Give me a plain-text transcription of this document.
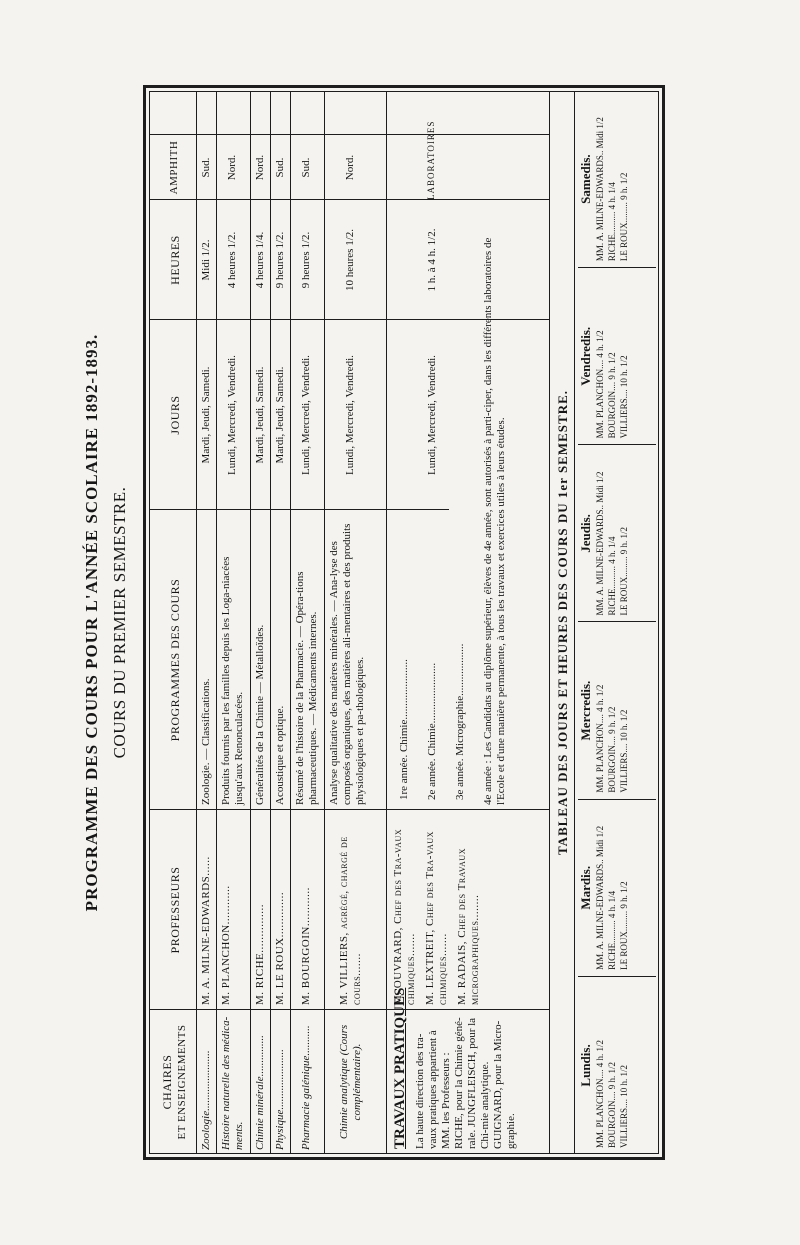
PROGRAMME DES COURS POUR L'ANNÉE SCOLAIRE 1892-1893. COURS DU PREMIER SEMESTRE.
CHAIRES ET ENSEIGNEMENTS
PROFESSEURS
PROGRAMMES DES COURS
JOURS
HEURES
AMPHITH
Zoologie......................
M. A. MILNE-EDWARDS......
Zoologie. — Classifications.
Mardi, Jeudi, Samedi.
Midi 1/2.
Sud.
Histoire naturelle des médica-ments.
M. PLANCHON............
Produits fournis par les familles depuis les Loga-niacées jusqu'aux Renonculacées.
Lundi, Mercredi, Vendredi.
4 heures 1/2.
Nord.
Chimie minérale...............
M. RICHE...............
Généralités de la Chimie — Métalloïdes.
Mardi, Jeudi, Samedi.
4 heures 1/4.
Nord.
Physique......................
M. LE ROUX..............
Acoustique et optique.
Mardi, Jeudi, Samedi.
9 heures 1/2.
Sud.
Pharmacie galénique...........
M. BOURGOIN............
Résumé de l'histoire de la Pharmacie. — Opéra-tions pharmaceutiques. — Médicaments internes.
Lundi, Mercredi, Vendredi.
9 heures 1/2.
Sud.
Chimie analytique (Cours complémentaire).
M. VILLIERS, agrégé, chargé de cours.......
Analyse qualitative des matières minérales. — Ana-lyse des composés organiques, des matières ali-mentaires et des produits physiologiques et pa-thologiques.
Lundi, Mercredi, Vendredi.
10 heures 1/2.
Nord.
TRAVAUX PRATIQUES La haute direction des tra-vaux pratiques appartient à MM. les Professeurs : RICHE, pour la Chimie géné-rale. JUNGFLEISCH, pour la Chi-mie analytique. GUIGNARD, pour la Micro-graphie.
M. OUVRARD, Chef des Tra-vaux chimiques....... M. LEXTREIT, Chef des Tra-vaux chimiques....... M. RADAIS, Chef des Travaux micrographiques........
1re année. Chimie...................... 2e année. Chimie...................... 3e année. Micrographie................... 4e année : Les Candidats au diplôme supérieur, élèves de 4e année, sont autorisés à parti-ciper, dans les différents laboratoires de l'Ecole et d'une manière permanente, à tous les travaux et exercices utiles à leurs études.
Lundi, Mercredi, Vendredi.
1 h. à 4 h. 1/2.
LABORATOIRES
TABLEAU DES JOURS ET HEURES DES COURS DU 1er SEMESTRE.
Lundis. MM. PLANCHON.... 4 h. 1/2 BOURGOIN.... 9 h. 1/2 VILLIERS.... 10 h. 1/2
Mardis. MM. A. MILNE-EDWARDS.. Midi 1/2 RICHE.......... 4 h. 1/4 LE ROUX......... 9 h. 1/2
Mercredis. MM. PLANCHON.... 4 h. 1/2 BOURGOIN.... 9 h. 1/2 VILLIERS.... 10 h. 1/2
Jeudis. MM. A. MILNE-EDWARDS.. Midi 1/2 RICHE.......... 4 h. 1/4 LE ROUX......... 9 h. 1/2
Vendredis. MM. PLANCHON.... 4 h. 1/2 BOURGOIN.... 9 h. 1/2 VILLIERS.... 10 h. 1/2
Samedis. MM. A. MILNE-EDWARDS.. Midi 1/2 RICHE.......... 4 h. 1/4 LE ROUX......... 9 h. 1/2
